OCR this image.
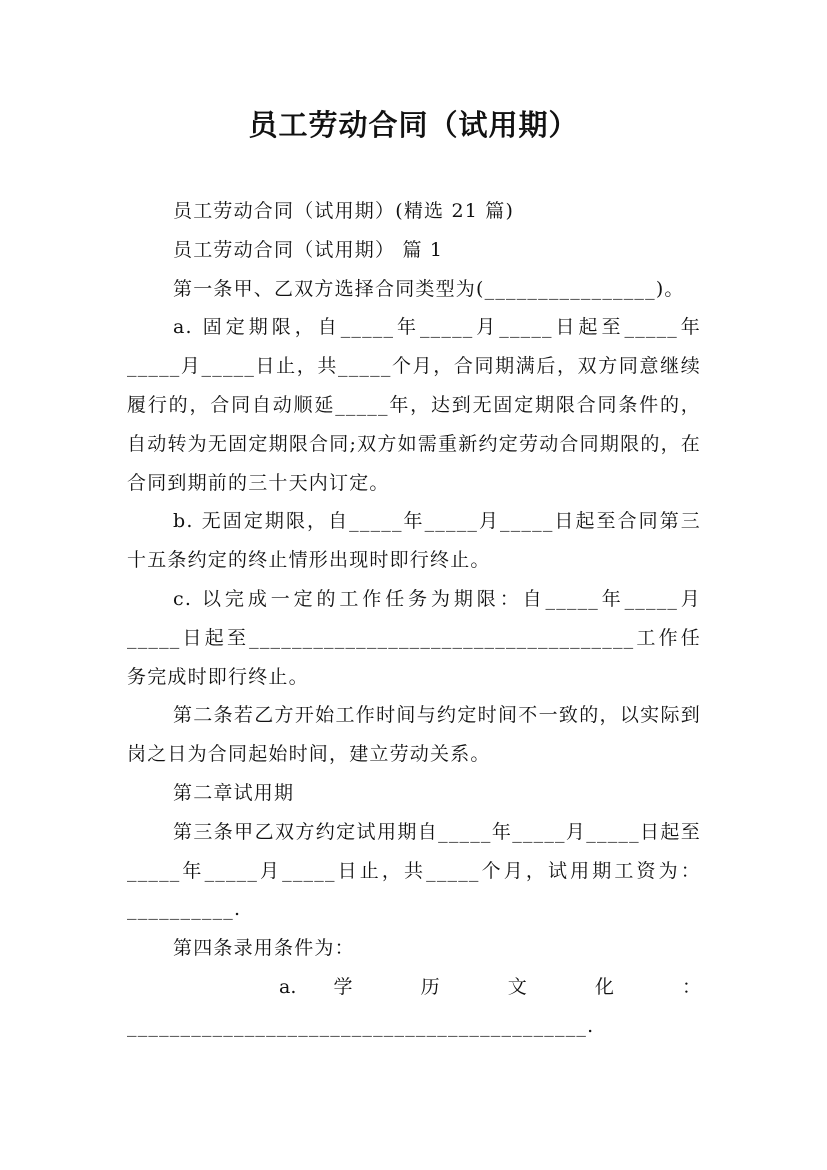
员工劳动合同（试用期）

员工劳动合同（试用期）(精选 21 篇)

员工劳动合同（试用期） 篇 1

第一条甲、乙双方选择合同类型为(________________)。

a. 固定期限，自_____年_____月_____日起至_____年_____月_____日止，共_____个月，合同期满后，双方同意继续履行的，合同自动顺延_____年，达到无固定期限合同条件的，自动转为无固定期限合同;双方如需重新约定劳动合同期限的，在合同到期前的三十天内订定。

b. 无固定期限，自_____年_____月_____日起至合同第三十五条约定的终止情形出现时即行终止。

c. 以完成一定的工作任务为期限：自_____年_____月_____日起至____________________________________工作任务完成时即行终止。

第二条若乙方开始工作时间与约定时间不一致的，以实际到岗之日为合同起始时间，建立劳动关系。

第二章试用期

第三条甲乙双方约定试用期自_____年_____月_____日起至_____年_____月_____日止，共_____个月，试用期工资为：__________.

第四条录用条件为：

a. 学 历 文 化 ：

___________________________________________.
